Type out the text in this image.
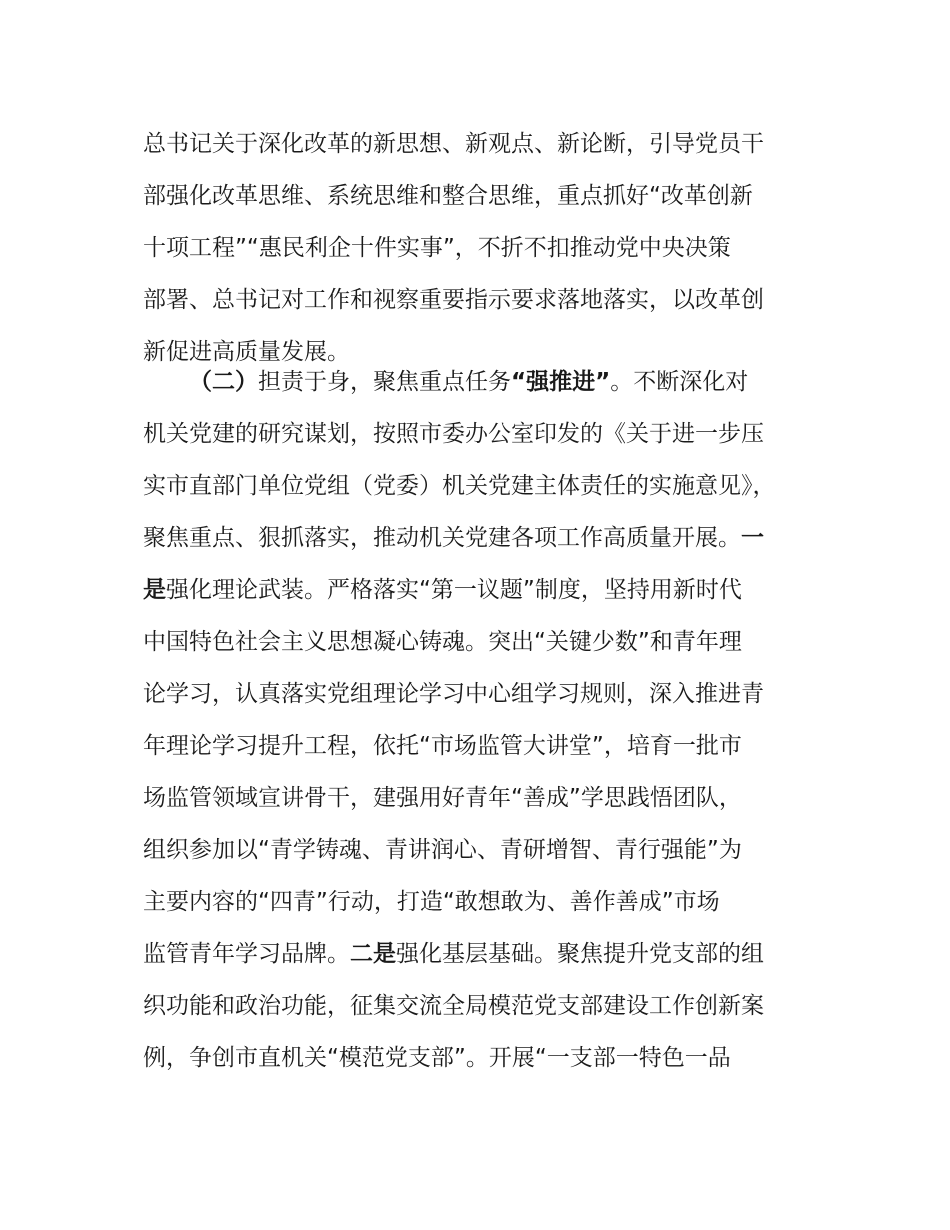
总书记关于深化改革的新思想、新观点、新论断，引导党员干
部强化改革思维、系统思维和整合思维，重点抓好“改革创新
十项工程”“惠民利企十件实事”，不折不扣推动党中央决策
部署、总书记对工作和视察重要指示要求落地落实，以改革创
新促进高质量发展。
（二）担责于身，聚焦重点任务“强推进”。不断深化对
机关党建的研究谋划，按照市委办公室印发的《关于进一步压
实市直部门单位党组（党委）机关党建主体责任的实施意见》，
聚焦重点、狠抓落实，推动机关党建各项工作高质量开展。一
是强化理论武装。严格落实“第一议题”制度，坚持用新时代
中国特色社会主义思想凝心铸魂。突出“关键少数”和青年理
论学习，认真落实党组理论学习中心组学习规则，深入推进青
年理论学习提升工程，依托“市场监管大讲堂”，培育一批市
场监管领域宣讲骨干，建强用好青年“善成”学思践悟团队，
组织参加以“青学铸魂、青讲润心、青研增智、青行强能”为
主要内容的“四青”行动，打造“敢想敢为、善作善成”市场
监管青年学习品牌。二是强化基层基础。聚焦提升党支部的组
织功能和政治功能，征集交流全局模范党支部建设工作创新案
例，争创市直机关“模范党支部”。开展“一支部一特色一品
